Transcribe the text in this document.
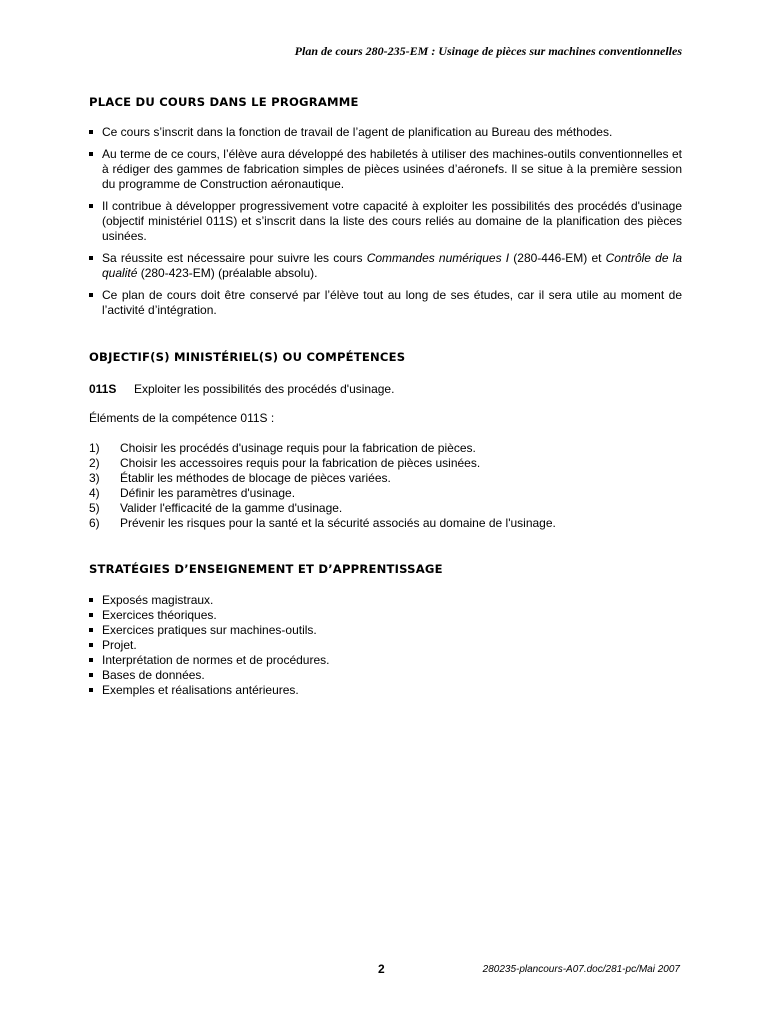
Plan de cours 280-235-EM : Usinage de pièces sur machines conventionnelles
PLACE DU COURS DANS LE PROGRAMME
Ce cours s’inscrit dans la fonction de travail de l’agent de planification au Bureau des méthodes.
Au terme de ce cours, l’élève aura développé des habiletés à utiliser des machines-outils conventionnelles et à rédiger des gammes de fabrication simples de pièces usinées d’aéronefs. Il se situe à la première session du programme de Construction aéronautique.
Il contribue à développer progressivement votre capacité à exploiter les possibilités des procédés d'usinage (objectif ministériel 011S) et s’inscrit dans la liste des cours reliés au domaine de la planification des pièces usinées.
Sa réussite est nécessaire pour suivre les cours Commandes numériques I (280-446-EM) et Contrôle de la qualité (280-423-EM) (préalable absolu).
Ce plan de cours doit être conservé par l’élève tout au long de ses études, car il sera utile au moment de l’activité d’intégration.
OBJECTIF(S) MINISTÉRIEL(S) OU COMPÉTENCES
011S Exploiter les possibilités des procédés d'usinage.
Éléments de la compétence 011S :
1) Choisir les procédés d'usinage requis pour la fabrication de pièces.
2) Choisir les accessoires requis pour la fabrication de pièces usinées.
3) Établir les méthodes de blocage de pièces variées.
4) Définir les paramètres d'usinage.
5) Valider l'efficacité de la gamme d'usinage.
6) Prévenir les risques pour la santé et la sécurité associés au domaine de l'usinage.
STRATÉGIES D’ENSEIGNEMENT ET D’APPRENTISSAGE
Exposés magistraux.
Exercices théoriques.
Exercices pratiques sur machines-outils.
Projet.
Interprétation de normes et de procédures.
Bases de données.
Exemples et réalisations antérieures.
2	280235-plancours-A07.doc/281-pc/Mai 2007
